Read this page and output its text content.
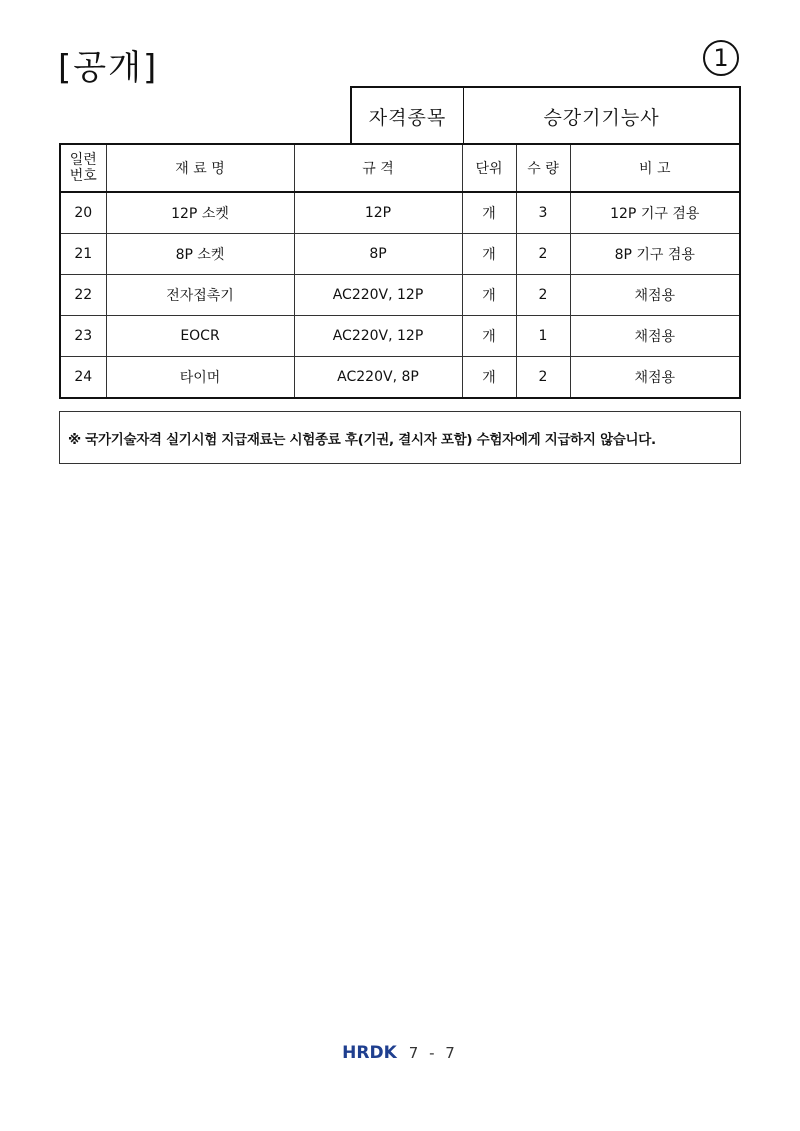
[공개]	1
자격종목	승강기기능사
일련
번호	재 료 명	규 격	단위	수 량	비 고
20	12P 소켓	12P	개	3	12P 기구 겸용
21	8P 소켓	8P	개	2	8P 기구 겸용
22	전자접촉기	AC220V, 12P	개	2	채점용
23	EOCR	AC220V, 12P	개	1	채점용
24	타이머	AC220V, 8P	개	2	채점용
※ 국가기술자격 실기시험 지급재료는 시험종료 후(기권, 결시자 포함) 수험자에게 지급하지 않습니다.
HRDK 7 - 7
